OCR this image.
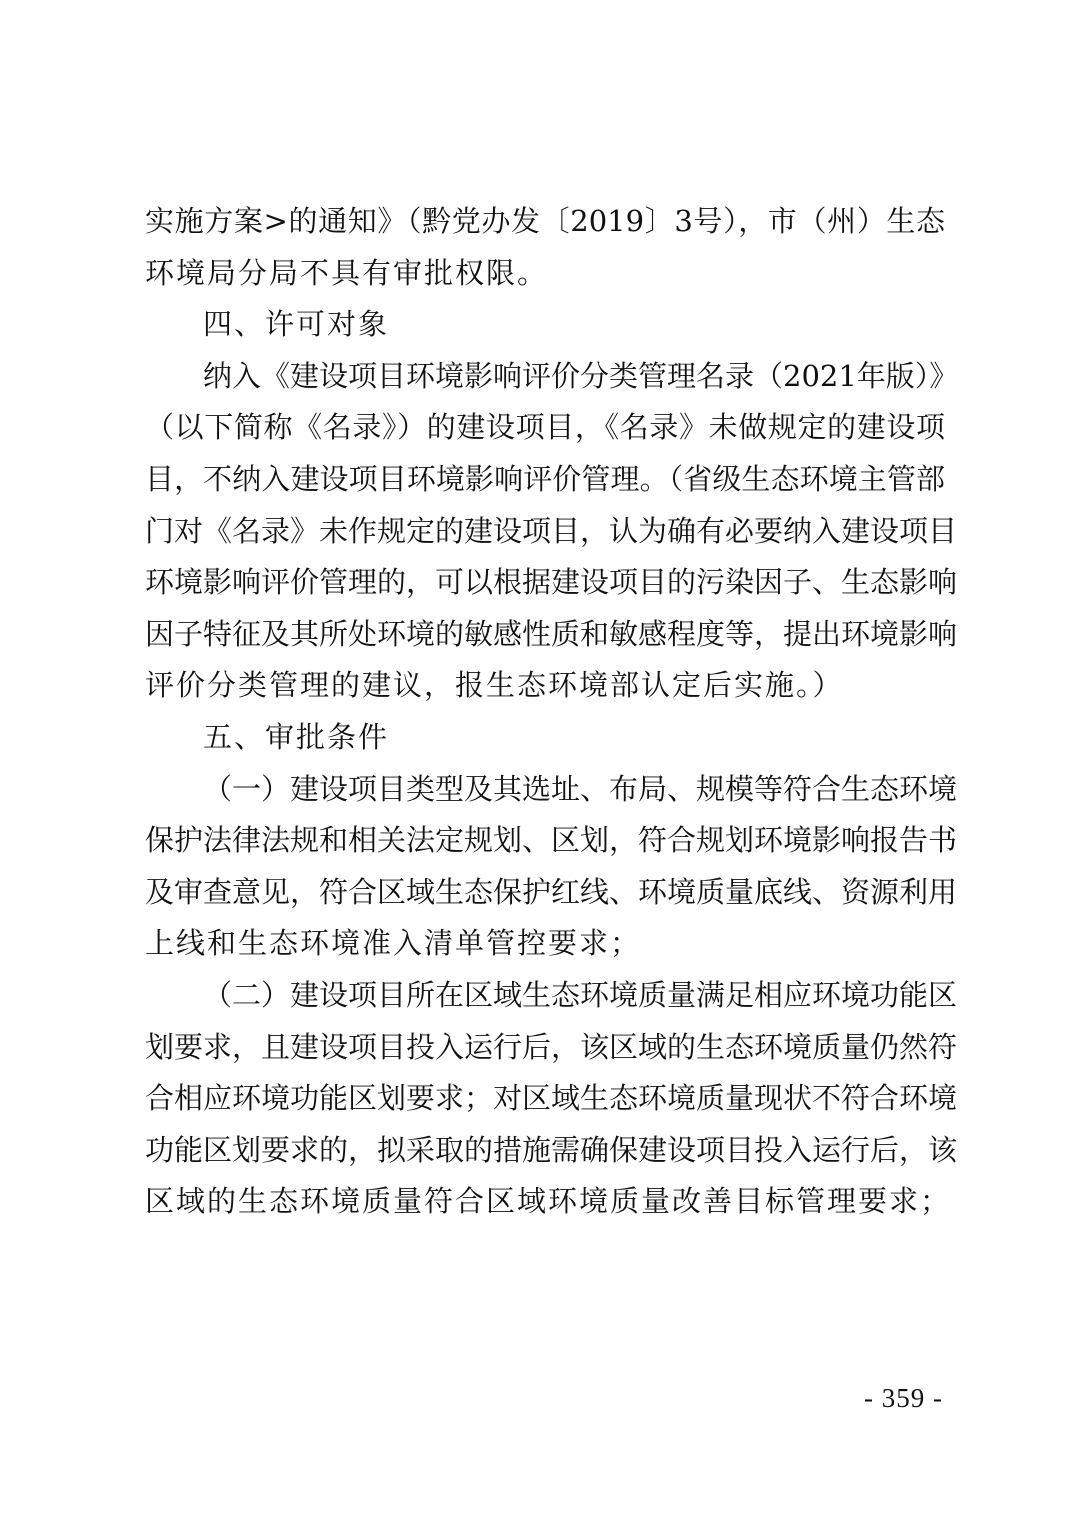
实施方案>的通知》（黔党办发〔2019〕3号），市（州）生态
环境局分局不具有审批权限。
四、许可对象
纳入《建设项目环境影响评价分类管理名录（2021年版）》
（以下简称《名录》）的建设项目，《名录》未做规定的建设项
目，不纳入建设项目环境影响评价管理。（省级生态环境主管部
门对《名录》未作规定的建设项目，认为确有必要纳入建设项目
环境影响评价管理的，可以根据建设项目的污染因子、生态影响
因子特征及其所处环境的敏感性质和敏感程度等，提出环境影响
评价分类管理的建议，报生态环境部认定后实施。）
五、审批条件
（一）建设项目类型及其选址、布局、规模等符合生态环境
保护法律法规和相关法定规划、区划，符合规划环境影响报告书
及审查意见，符合区域生态保护红线、环境质量底线、资源利用
上线和生态环境准入清单管控要求；
（二）建设项目所在区域生态环境质量满足相应环境功能区
划要求，且建设项目投入运行后，该区域的生态环境质量仍然符
合相应环境功能区划要求；对区域生态环境质量现状不符合环境
功能区划要求的，拟采取的措施需确保建设项目投入运行后，该
区域的生态环境质量符合区域环境质量改善目标管理要求；
- 359 -
